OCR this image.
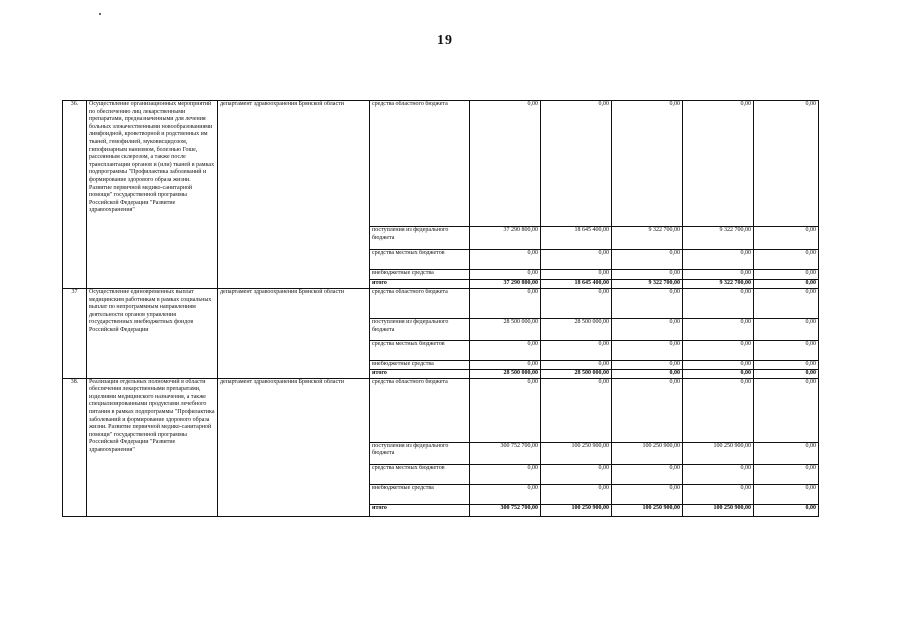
19
36.	Осуществление организационных мероприятий по обеспечению лиц лекарственными препаратами, предназначенными для лечения больных злокачественными новообразованиями лимфоидной, кроветворной и родственных им тканей, гемофилией, муковисцидозом, гипофизарным нанизмом, болезнью Гоше, рассеянным склерозом, а также после трансплантации органов и (или) тканей в рамках подпрограммы "Профилактика заболеваний и формирование здорового образа жизни. Развитие первичной медико-санитарной помощи" государственной программы Российской Федерации "Развитие здравоохранения"	департамент здравоохранения Брянской области	средства областного бюджета	0,00	0,00	0,00	0,00	0,00
			поступления из федерального бюджета	37 290 800,00	18 645 400,00	9 322 700,00	9 322 700,00	0,00
			средства местных бюджетов	0,00	0,00	0,00	0,00	0,00
			внебюджетные средства	0,00	0,00	0,00	0,00	0,00
			итого	37 290 800,00	18 645 400,00	9 322 700,00	9 322 700,00	0,00
37	Осуществление единовременных выплат медицинским работникам в рамках социальных выплат по непрограммным направлениям деятельности органов управления государственных внебюджетных фондов Российской Федерации	департамент здравоохранения Брянской области	средства областного бюджета	0,00	0,00	0,00	0,00	0,00
			поступления из федерального бюджета	28 500 000,00	28 500 000,00	0,00	0,00	0,00
			средства местных бюджетов	0,00	0,00	0,00	0,00	0,00
			внебюджетные средства	0,00	0,00	0,00	0,00	0,00
			итого	28 500 000,00	28 500 000,00	0,00	0,00	0,00
38.	Реализация отдельных полномочий в области обеспечения лекарственными препаратами, изделиями медицинского назначения, а также специализированными продуктами лечебного питания в рамках подпрограммы "Профилактика заболеваний и формирование здорового образа жизни. Развитие первичной медико-санитарной помощи" государственной программы Российской Федерации "Развитие здравоохранения"	департамент здравоохранения Брянской области	средства областного бюджета	0,00	0,00	0,00	0,00	0,00
			поступления из федерального бюджета	300 752 700,00	100 250 900,00	100 250 900,00	100 250 900,00	0,00
			средства местных бюджетов	0,00	0,00	0,00	0,00	0,00
			внебюджетные средства	0,00	0,00	0,00	0,00	0,00
			итого	300 752 700,00	100 250 900,00	100 250 900,00	100 250 900,00	0,00
